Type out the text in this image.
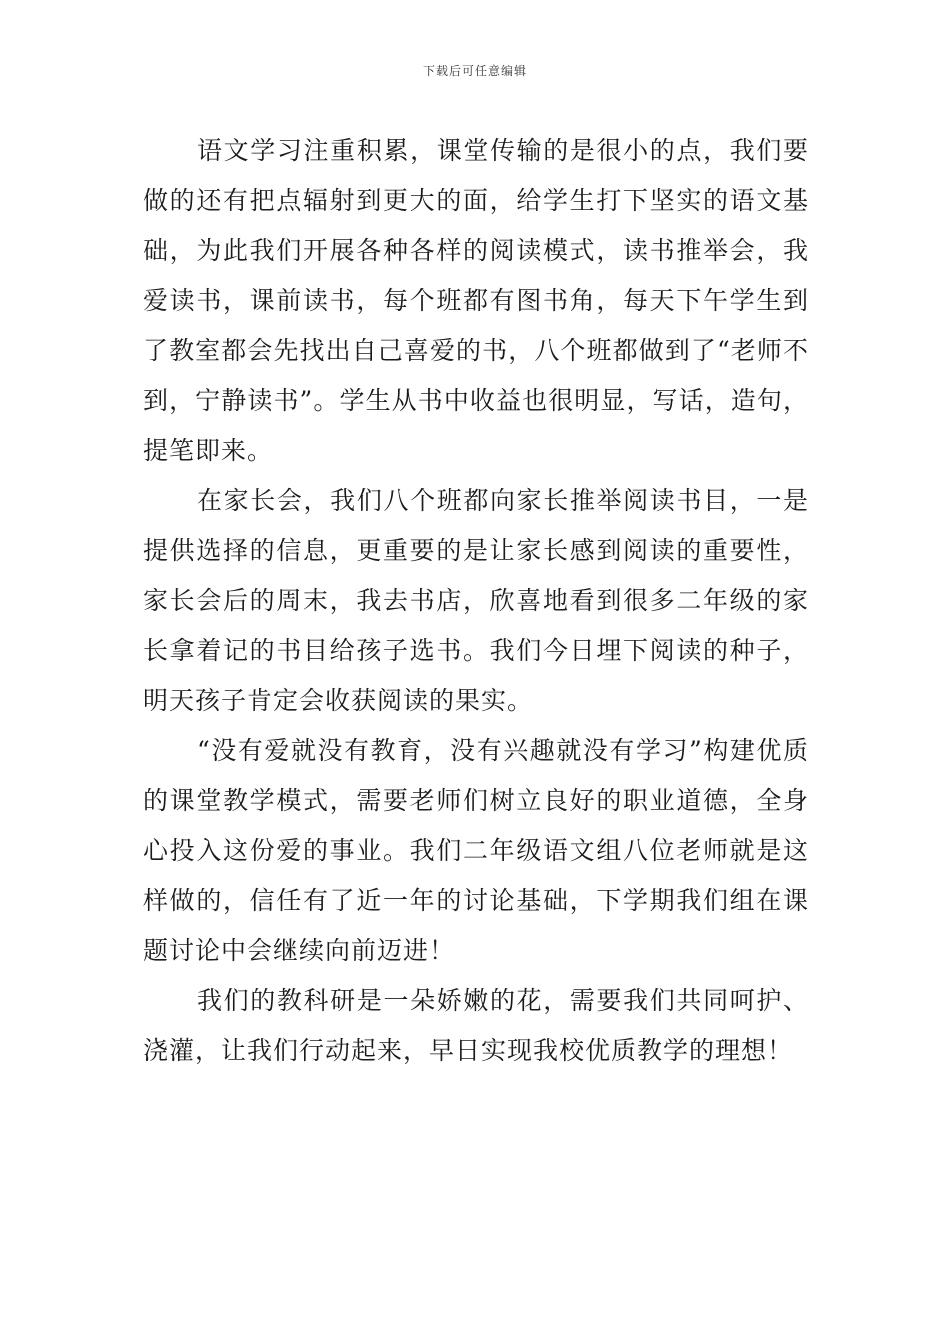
下载后可任意编辑

语文学习注重积累，课堂传输的是很小的点，我们要做的还有把点辐射到更大的面，给学生打下坚实的语文基础，为此我们开展各种各样的阅读模式，读书推举会，我爱读书，课前读书，每个班都有图书角，每天下午学生到了教室都会先找出自己喜爱的书，八个班都做到了“老师不到，宁静读书”。学生从书中收益也很明显，写话，造句，提笔即来。

在家长会，我们八个班都向家长推举阅读书目，一是提供选择的信息，更重要的是让家长感到阅读的重要性，家长会后的周末，我去书店，欣喜地看到很多二年级的家长拿着记的书目给孩子选书。我们今日埋下阅读的种子，明天孩子肯定会收获阅读的果实。

“没有爱就没有教育，没有兴趣就没有学习”构建优质的课堂教学模式，需要老师们树立良好的职业道德，全身心投入这份爱的事业。我们二年级语文组八位老师就是这样做的，信任有了近一年的讨论基础，下学期我们组在课题讨论中会继续向前迈进！

我们的教科研是一朵娇嫩的花，需要我们共同呵护、浇灌，让我们行动起来，早日实现我校优质教学的理想！
